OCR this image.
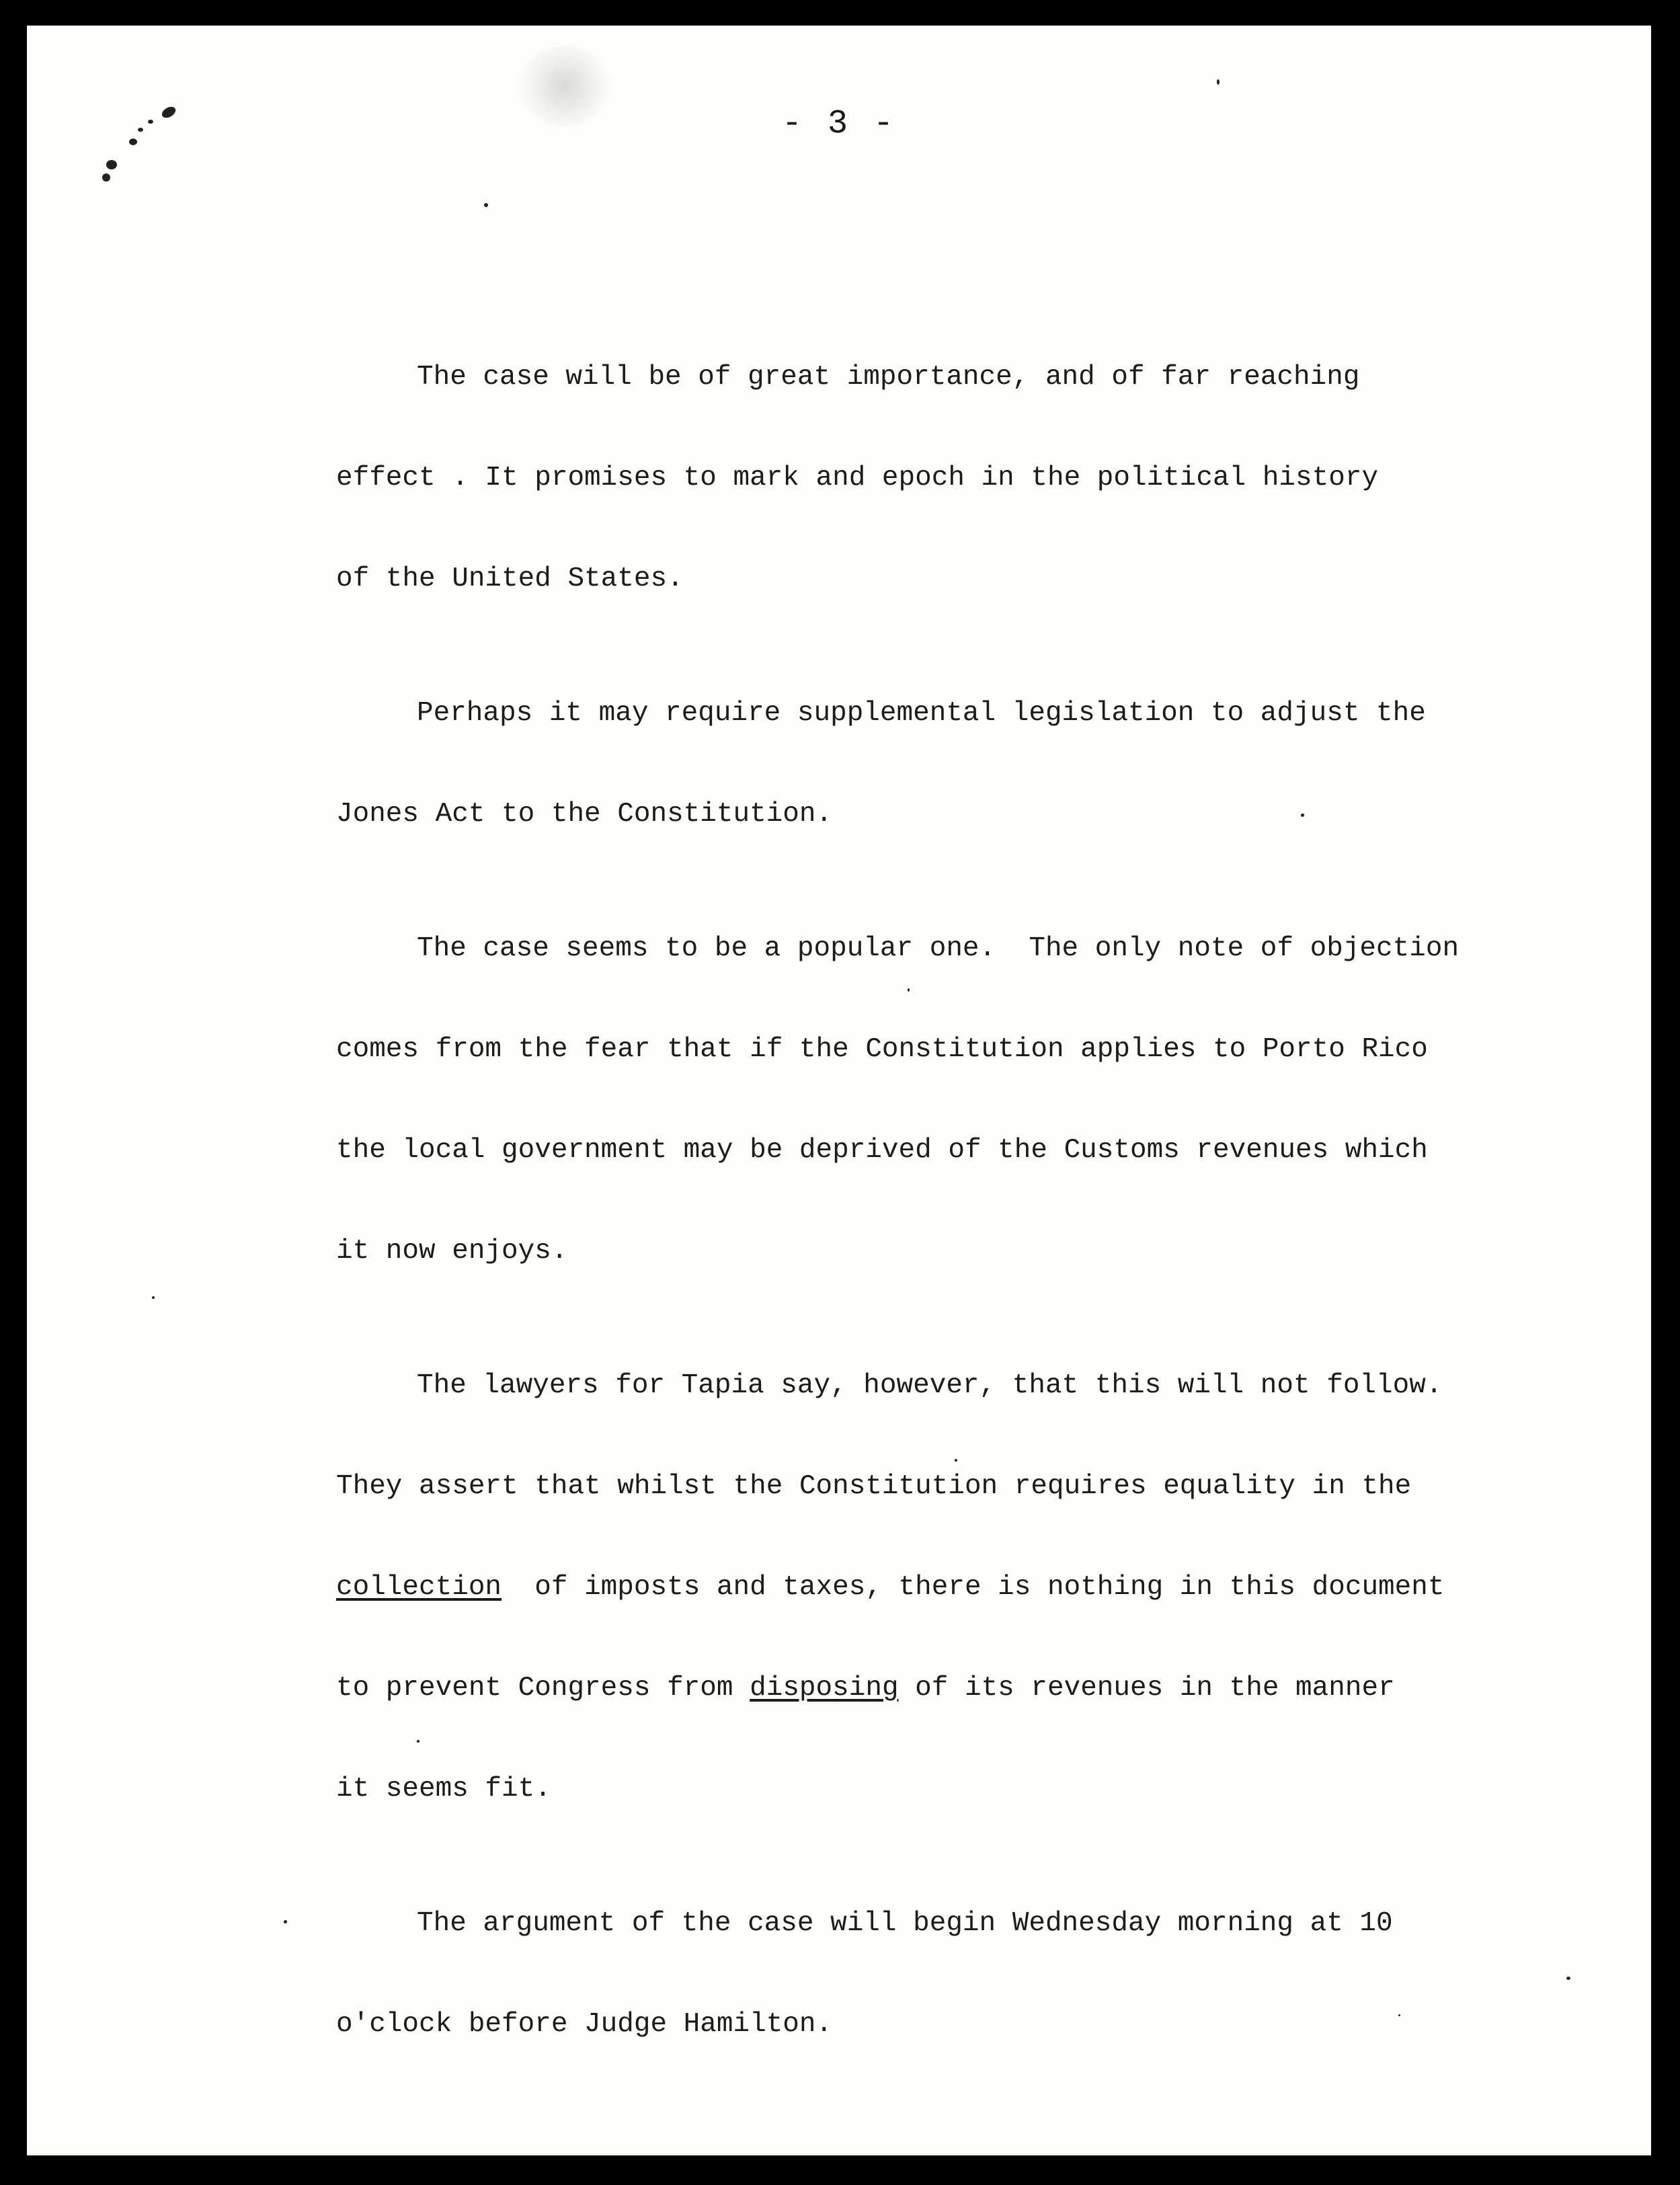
- 3 -

The case will be of great importance, and of far reaching

effect . It promises to mark and epoch in the political history

of the United States.

Perhaps it may require supplemental legislation to adjust the

Jones Act to the Constitution.

The case seems to be a popular one.  The only note of objection

comes from the fear that if the Constitution applies to Porto Rico

the local government may be deprived of the Customs revenues which

it now enjoys.

The lawyers for Tapia say, however, that this will not follow.

They assert that whilst the Constitution requires equality in the

collection  of imposts and taxes, there is nothing in this document

to prevent Congress from disposing of its revenues in the manner

it seems fit.

The argument of the case will begin Wednesday morning at 10

o'clock before Judge Hamilton.
